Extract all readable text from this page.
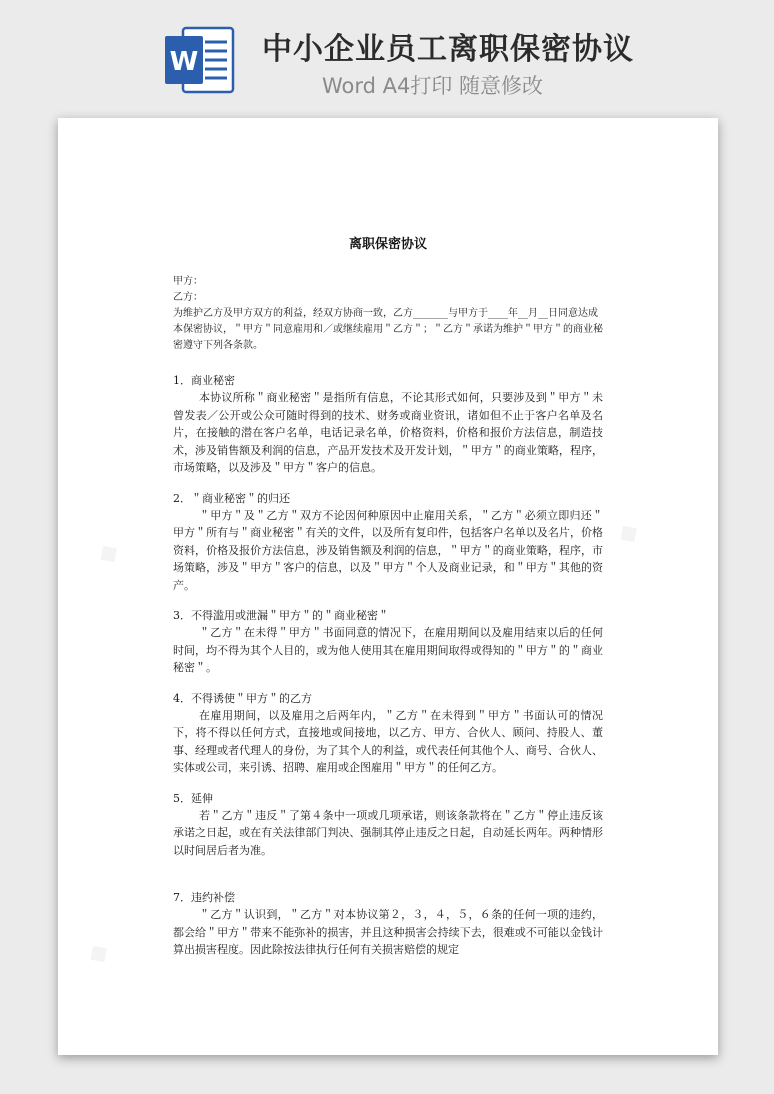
W 中小企业员工离职保密协议
Word A4打印 随意修改
◆
◆
◆
离职保密协议
甲方：
乙方：
为维护乙方及甲方双方的利益，经双方协商一致，乙方_______与甲方于____年__月__日同意达成本保密协议，＂甲方＂同意雇用和／或继续雇用＂乙方＂；＂乙方＂承诺为维护＂甲方＂的商业秘密遵守下列各条款。
1．商业秘密
本协议所称＂商业秘密＂是指所有信息，不论其形式如何，只要涉及到＂甲方＂未曾发表／公开或公众可随时得到的技术、财务或商业资讯，诸如但不止于客户名单及名片，在接触的潜在客户名单，电话记录名单，价格资料，价格和报价方法信息，制造技术，涉及销售额及利润的信息，产品开发技术及开发计划，＂甲方＂的商业策略，程序，市场策略，以及涉及＂甲方＂客户的信息。
2．＂商业秘密＂的归还
＂甲方＂及＂乙方＂双方不论因何种原因中止雇用关系，＂乙方＂必须立即归还＂甲方＂所有与＂商业秘密＂有关的文件，以及所有复印件，包括客户名单以及名片，价格资料，价格及报价方法信息，涉及销售额及利润的信息，＂甲方＂的商业策略，程序，市场策略，涉及＂甲方＂客户的信息，以及＂甲方＂个人及商业记录，和＂甲方＂其他的资产。
3．不得滥用或泄漏＂甲方＂的＂商业秘密＂
＂乙方＂在未得＂甲方＂书面同意的情况下，在雇用期间以及雇用结束以后的任何时间，均不得为其个人目的，或为他人使用其在雇用期间取得或得知的＂甲方＂的＂商业秘密＂。
4．不得诱使＂甲方＂的乙方
在雇用期间，以及雇用之后两年内，＂乙方＂在未得到＂甲方＂书面认可的情况下，将不得以任何方式，直接地或间接地，以乙方、甲方、合伙人、顾问、持股人、董事、经理或者代理人的身份，为了其个人的利益，或代表任何其他个人、商号、合伙人、实体或公司，来引诱、招聘、雇用或企图雇用＂甲方＂的任何乙方。
5．延伸
若＂乙方＂违反＂了第４条中一项或几项承诺，则该条款将在＂乙方＂停止违反该承诺之日起，或在有关法律部门判决、强制其停止违反之日起，自动延长两年。两种情形以时间居后者为准。
7．违约补偿
＂乙方＂认识到，＂乙方＂对本协议第２，３，４，５，６条的任何一项的违约，都会给＂甲方＂带来不能弥补的损害，并且这种损害会持续下去，很难或不可能以金钱计算出损害程度。因此除按法律执行任何有关损害赔偿的规定
